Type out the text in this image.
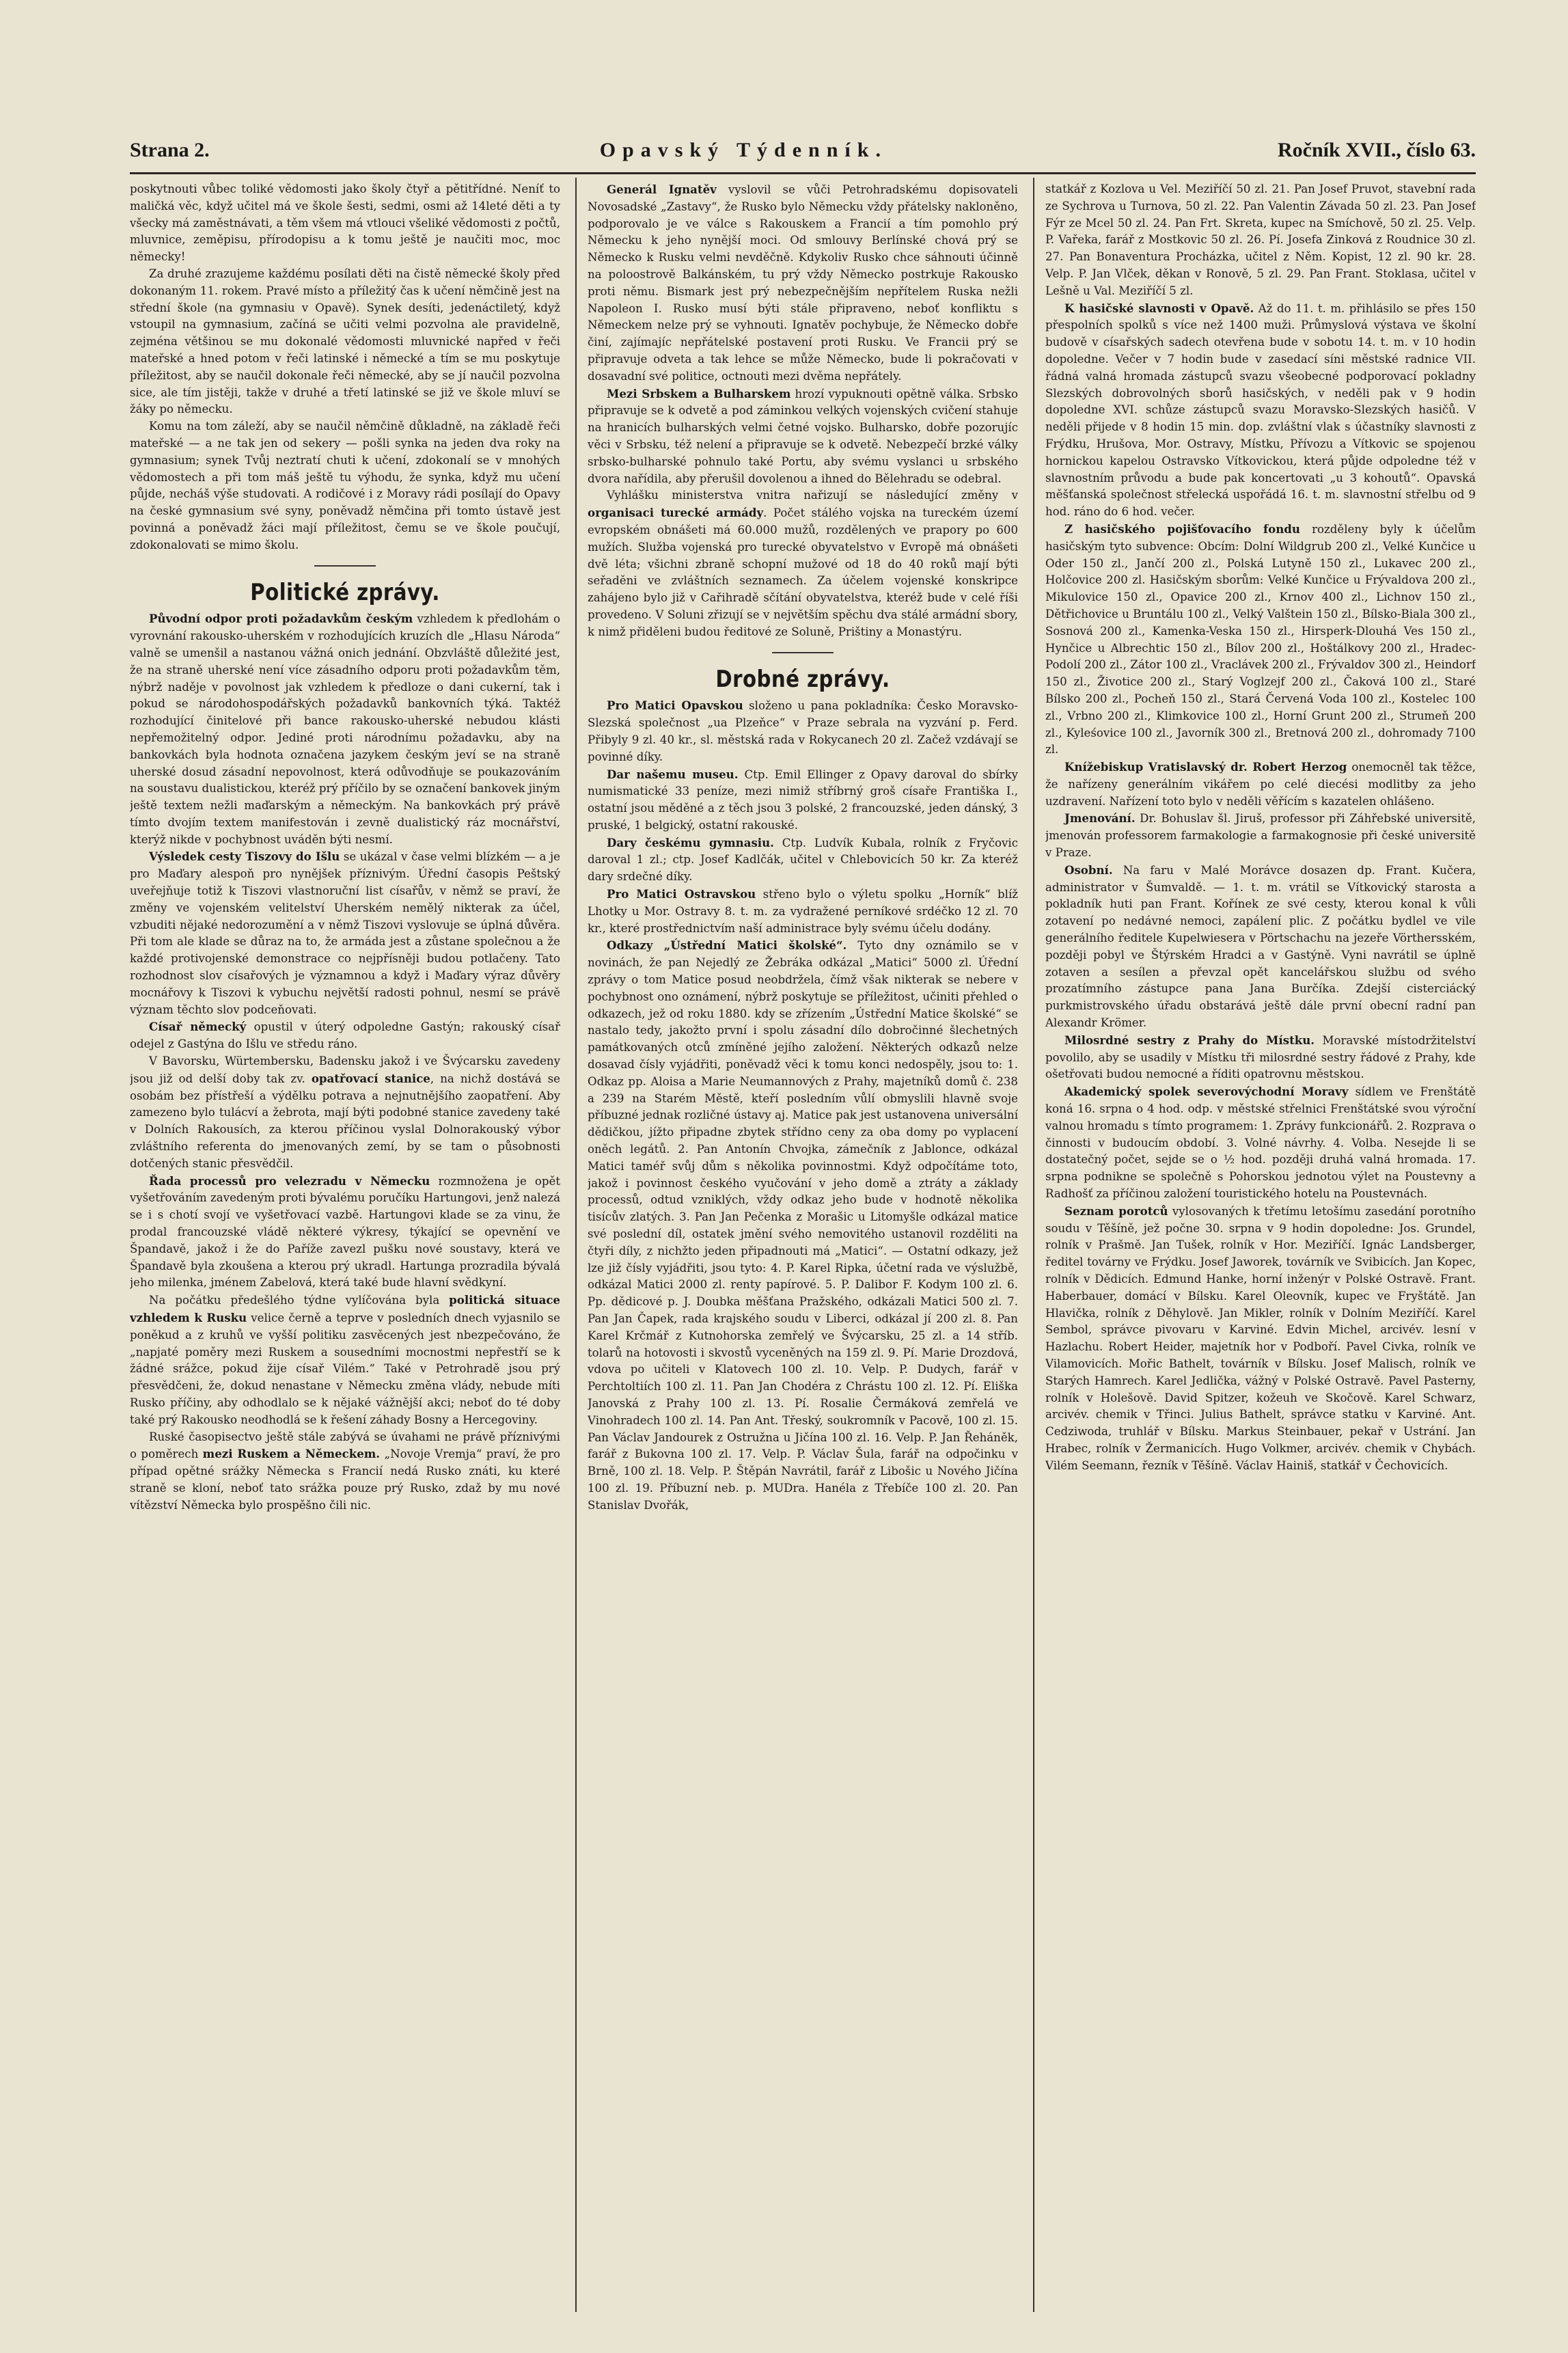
Strana 2.	Opavský Týdenník.	Ročník XVII., číslo 63.

poskytnouti vůbec toliké vědomosti jako školy čtyř a pětitřídné. Neníť to maličká věc, když učitel má ve škole šesti, sedmi, osmi až 14leté děti a ty všecky má zaměstnávati, a těm všem má vtlouci všeliké vědomosti z počtů, mluvnice, zeměpisu, přírodopisu a k tomu ještě je naučiti moc, moc německy!

Za druhé zrazujeme každému posílati děti na čistě německé školy před dokonaným 11. rokem. Pravé místo a příležitý čas k učení němčině jest na střední škole (na gymnasiu v Opavě). Synek desíti, jedenáctiletý, když vstoupil na gymnasium, začíná se učiti velmi pozvolna ale pravidelně, zejména většinou se mu dokonalé vědomosti mluvnické napřed v řeči mateřské a hned potom v řeči latinské i německé a tím se mu poskytuje příležitost, aby se naučil dokonale řeči německé, aby se jí naučil pozvolna sice, ale tím jistěji, takže v druhé a třetí latinské se již ve škole mluví se žáky po německu.

Komu na tom záleží, aby se naučil němčině důkladně, na základě řeči mateřské — a ne tak jen od sekery — pošli synka na jeden dva roky na gymnasium; synek Tvůj neztratí chuti k učení, zdokonalí se v mnohých vědomostech a při tom máš ještě tu výhodu, že synka, když mu učení půjde, necháš výše studovati. A rodičové i z Moravy rádi posílají do Opavy na české gymnasium své syny, poněvadž němčina při tomto ústavě jest povinná a poněvadž žáci mají příležitost, čemu se ve škole poučují, zdokonalovati se mimo školu.

Politické zprávy.

Původní odpor proti požadavkům českým vzhledem k předlohám o vyrovnání rakousko-uherském v rozhodujících kruzích dle „Hlasu Národa“ valně se umenšil a nastanou vážná onich jednání. Obzvláště důležité jest, že na straně uherské není více zásadního odporu proti požadavkům těm, nýbrž naděje v povolnost jak vzhledem k předloze o dani cukerní, tak i pokud se národohospodářských požadavků bankovních týká. Taktéž rozhodující činitelové při bance rakousko-uherské nebudou klásti nepřemožitelný odpor. Jediné proti národnímu požadavku, aby na bankovkách byla hodnota označena jazykem českým jeví se na straně uherské dosud zásadní nepovolnost, která odůvodňuje se poukazováním na soustavu dualistickou, kteréž prý příčilo by se označení bankovek jiným ještě textem nežli maďarským a německým. Na bankovkách prý právě tímto dvojím textem manifestován i zevně dualistický ráz mocnářství, kterýž nikde v pochybnost uváděn býti nesmí.

Výsledek cesty Tiszovy do Išlu se ukázal v čase velmi blízkém — a je pro Maďary alespoň pro nynějšek příznivým. Úřední časopis Peštský uveřejňuje totiž k Tiszovi vlastnoruční list císařův, v němž se praví, že změny ve vojenském velitelství Uherském nemělý nikterak za účel, vzbuditi nějaké nedorozumění a v němž Tiszovi vyslovuje se úplná důvěra. Při tom ale klade se důraz na to, že armáda jest a zůstane společnou a že každé protivojenské demonstrace co nejpřísněji budou potlačeny. Tato rozhodnost slov císařových je významnou a když i Maďary výraz důvěry mocnářovy k Tiszovi k vybuchu největší radosti pohnul, nesmí se právě význam těchto slov podceňovati.

Císař německý opustil v úterý odpoledne Gastýn; rakouský císař odejel z Gastýna do Išlu ve středu ráno.

V Bavorsku, Würtembersku, Badensku jakož i ve Švýcarsku zavedeny jsou již od delší doby tak zv. opatřovací stanice, na nichž dostává se osobám bez přístřeší a výdělku potrava a nejnutnějšího zaopatření. Aby zamezeno bylo tulácví a žebrota, mají býti podobné stanice zavedeny také v Dolních Rakousích, za kterou příčinou vyslal Dolnorakouský výbor zvláštního referenta do jmenovaných zemí, by se tam o působnosti dotčených stanic přesvědčil.

Řada processů pro velezradu v Německu rozmnožena je opět vyšetřováním zavedeným proti bývalému poručíku Hartungovi, jenž nalezá se i s chotí svojí ve vyšetřovací vazbě. Hartungovi klade se za vinu, že prodal francouzské vládě některé výkresy, týkající se opevnění ve Špandavě, jakož i že do Paříže zavezl pušku nové soustavy, která ve Špandavě byla zkoušena a kterou prý ukradl. Hartunga prozradila bývalá jeho milenka, jménem Zabelová, která také bude hlavní svědkyní.

Na počátku předešlého týdne vylíčována byla politická situace vzhledem k Rusku velice černě a teprve v posledních dnech vyjasnilo se poněkud a z kruhů ve vyšší politiku zasvěcených jest nbezpečováno, že „napjaté poměry mezi Ruskem a sousedními mocnostmi nepřestří se k žádné srážce, pokud žije císař Vilém.“ Také v Petrohradě jsou prý přesvědčeni, že, dokud nenastane v Německu změna vlády, nebude míti Rusko příčiny, aby odhodlalo se k nějaké vážnější akci; neboť do té doby také prý Rakousko neodhodlá se k řešení záhady Bosny a Hercegoviny.

Ruské časopisectvo ještě stále zabývá se úvahami ne právě příznivými o poměrech mezi Ruskem a Německem. „Novoje Vremja“ praví, že pro případ opětné srážky Německa s Francií nedá Rusko znáti, ku které straně se kloní, neboť tato srážka pouze prý Rusko, zdaž by mu nové vítězství Německa bylo prospěšno čili nic.

Generál Ignatěv vyslovil se vůči Petrohradskému dopisovateli Novosadské „Zastavy“, že Rusko bylo Německu vždy přátelsky nakloněno, podporovalo je ve válce s Rakouskem a Francií a tím pomohlo prý Německu k jeho nynější moci. Od smlouvy Berlínské chová prý se Německo k Rusku velmi nevděčně. Kdykoliv Rusko chce sáhnouti účinně na poloostrově Balkánském, tu prý vždy Německo postrkuje Rakousko proti němu. Bismark jest prý nebezpečnějším nepřítelem Ruska nežli Napoleon I. Rusko musí býti stále připraveno, neboť konfliktu s Německem nelze prý se vyhnouti. Ignatěv pochybuje, že Německo dobře činí, zajímajíc nepřátelské postavení proti Rusku. Ve Francii prý se připravuje odveta a tak lehce se může Německo, bude li pokračovati v dosavadní své politice, octnouti mezi dvěma nepřátely.

Mezi Srbskem a Bulharskem hrozí vypuknouti opětně válka. Srbsko připravuje se k odvetě a pod záminkou velkých vojenských cvičení stahuje na hranicích bulharských velmi četné vojsko. Bulharsko, dobře pozorujíc věci v Srbsku, též nelení a připravuje se k odvetě. Nebezpečí brzké války srbsko-bulharské pohnulo také Portu, aby svému vyslanci u srbského dvora nařídila, aby přerušil dovolenou a ihned do Bělehradu se odebral.

Vyhlášku ministerstva vnitra nařizují se následující změny v organisaci turecké armády. Počet stálého vojska na tureckém území evropském obnášeti má 60.000 mužů, rozdělených ve prapory po 600 mužích. Služba vojenská pro turecké obyvatelstvo v Evropě má obnášeti dvě léta; všichni zbraně schopní mužové od 18 do 40 roků mají býti seřaděni ve zvláštních seznamech. Za účelem vojenské konskripce zahájeno bylo již v Cařihradě sčítání obyvatelstva, kteréž bude v celé říši provedeno. V Soluni zřizují se v největším spěchu dva stálé armádní sbory, k nimž přiděleni budou ředitové ze Soluně, Prištiny a Monastýru.

Drobné zprávy.

Pro Matici Opavskou složeno u pana pokladníka: Česko Moravsko-Slezská společnost „ua Plzeňce“ v Praze sebrala na vyzvání p. Ferd. Přibyly 9 zl. 40 kr., sl. městská rada v Rokycanech 20 zl. Začež vzdávají se povinné díky.

Dar našemu museu. Ctp. Emil Ellinger z Opavy daroval do sbírky numismatické 33 peníze, mezi nimiž stříbrný groš císaře Františka I., ostatní jsou měděné a z těch jsou 3 polské, 2 francouzské, jeden dánský, 3 pruské, 1 belgický, ostatní rakouské.

Dary českému gymnasiu. Ctp. Ludvík Kubala, rolník z Fryčovic daroval 1 zl.; ctp. Josef Kadlčák, učitel v Chlebovicích 50 kr. Za kteréž dary srdečné díky.

Pro Matici Ostravskou střeno bylo o výletu spolku „Horník“ blíž Lhotky u Mor. Ostravy 8. t. m. za vydražené perníkové srdéčko 12 zl. 70 kr., které prostřednictvím naší administrace byly svému účelu dodány.

Odkazy „Ústřední Matici školské“. Tyto dny oznámilo se v novinách, že pan Nejedlý ze Žebráka odkázal „Matici“ 5000 zl. Úřední zprávy o tom Matice posud neobdržela, čímž však nikterak se nebere v pochybnost ono oznámení, nýbrž poskytuje se příležitost, učiniti přehled o odkazech, jež od roku 1880. kdy se zřízením „Ústřední Matice školské“ se nastalo tedy, jakožto první i spolu zásadní dílo dobročinné šlechetných památkovaných otců zmíněné jejího založení. Některých odkazů nelze dosavad čísly vyjádřiti, poněvadž věci k tomu konci nedospěly, jsou to: 1. Odkaz pp. Aloisa a Marie Neumannových z Prahy, majetníků domů č. 238 a 239 na Starém Městě, kteří posledním vůlí obmyslili hlavně svoje příbuzné jednak rozličné ústavy aj. Matice pak jest ustanovena universální dědičkou, jížto připadne zbytek střídno ceny za oba domy po vyplacení oněch legátů. 2. Pan Antonín Chvojka, zámečník z Jablonce, odkázal Matici taméř svůj dům s několika povinnostmi. Když odpočítáme toto, jakož i povinnost českého vyučování v jeho domě a ztráty a základy processů, odtud vzniklých, vždy odkaz jeho bude v hodnotě několika tisícův zlatých. 3. Pan Jan Pečenka z Morašic u Litomyšle odkázal matice své poslední díl, ostatek jmění svého nemovitého ustanovil rozděliti na čtyři díly, z nichžto jeden připadnouti má „Matici“. — Ostatní odkazy, jež lze již čísly vyjádřiti, jsou tyto: 4. P. Karel Ripka, účetní rada ve výslužbě, odkázal Matici 2000 zl. renty papírové. 5. P. Dalibor F. Kodym 100 zl. 6. Pp. dědicové p. J. Doubka měšťana Pražského, odkázali Matici 500 zl. 7. Pan Jan Čapek, rada krajského soudu v Liberci, odkázal jí 200 zl. 8. Pan Karel Krčmář z Kutnohorska zemřelý ve Švýcarsku, 25 zl. a 14 stříb. tolarů na hotovosti i skvostů vyceněných na 159 zl. 9. Pí. Marie Drozdová, vdova po učiteli v Klatovech 100 zl. 10. Velp. P. Dudych, farář v Perchtoltiích 100 zl. 11. Pan Jan Chodéra z Chrástu 100 zl. 12. Pí. Eliška Janovská z Prahy 100 zl. 13. Pí. Rosalie Čermáková zemřelá ve Vinohradech 100 zl. 14. Pan Ant. Třeský, soukromník v Pacově, 100 zl. 15. Pan Václav Jandourek z Ostružna u Jičína 100 zl. 16. Velp. P. Jan Řeháněk, farář z Bukovna 100 zl. 17. Velp. P. Václav Šula, farář na odpočinku v Brně, 100 zl. 18. Velp. P. Štěpán Navrátil, farář z Libošic u Nového Jičína 100 zl. 19. Příbuzní neb. p. MUDra. Hanéla z Třebíče 100 zl. 20. Pan Stanislav Dvořák,

statkář z Kozlova u Vel. Meziříčí 50 zl. 21. Pan Josef Pruvot, stavební rada ze Sychrova u Turnova, 50 zl. 22. Pan Valentin Závada 50 zl. 23. Pan Josef Fýr ze Mcel 50 zl. 24. Pan Frt. Skreta, kupec na Smíchově, 50 zl. 25. Velp. P. Vařeka, farář z Mostkovic 50 zl. 26. Pí. Josefa Zinková z Roudnice 30 zl. 27. Pan Bonaventura Procházka, učitel z Něm. Kopist, 12 zl. 90 kr. 28. Velp. P. Jan Vlček, děkan v Ronově, 5 zl. 29. Pan Frant. Stoklasa, učitel v Lešně u Val. Meziříčí 5 zl.

K hasičské slavnosti v Opavě. Až do 11. t. m. přihlásilo se přes 150 přespolních spolků s více než 1400 muži. Průmyslová výstava ve školní budově v císařských sadech otevřena bude v sobotu 14. t. m. v 10 hodin dopoledne. Večer v 7 hodin bude v zasedací síni městské radnice VII. řádná valná hromada zástupců svazu všeobecné podporovací pokladny Slezských dobrovolných sborů hasičských, v neděli pak v 9 hodin dopoledne XVI. schůze zástupců svazu Moravsko-Slezských hasičů. V neděli přijede v 8 hodin 15 min. dop. zvláštní vlak s účastníky slavnosti z Frýdku, Hrušova, Mor. Ostravy, Místku, Přívozu a Vítkovic se spojenou hornickou kapelou Ostravsko Vítkovickou, která půjde odpoledne též v slavnostním průvodu a bude pak koncertovati „u 3 kohoutů“. Opavská měšťanská společnost střelecká uspořádá 16. t. m. slavnostní střelbu od 9 hod. ráno do 6 hod. večer.

Z hasičského pojišťovacího fondu rozděleny byly k účelům hasičským tyto subvence: Obcím: Dolní Wildgrub 200 zl., Velké Kunčice u Oder 150 zl., Jančí 200 zl., Polská Lutyně 150 zl., Lukavec 200 zl., Holčovice 200 zl. Hasičským sborům: Velké Kunčice u Frývaldova 200 zl., Mikulovice 150 zl., Opavice 200 zl., Krnov 400 zl., Lichnov 150 zl., Dětřichovice u Bruntálu 100 zl., Velký Valštein 150 zl., Bílsko-Biala 300 zl., Sosnová 200 zl., Kamenka-Veska 150 zl., Hirsperk-Dlouhá Ves 150 zl., Hynčice u Albrechtic 150 zl., Bílov 200 zl., Hoštálkovy 200 zl., Hradec-Podolí 200 zl., Zátor 100 zl., Vraclávek 200 zl., Frývaldov 300 zl., Heindorf 150 zl., Životice 200 zl., Starý Voglzejf 200 zl., Čaková 100 zl., Staré Bílsko 200 zl., Pocheň 150 zl., Stará Červená Voda 100 zl., Kostelec 100 zl., Vrbno 200 zl., Klimkovice 100 zl., Horní Grunt 200 zl., Strumeň 200 zl., Kyleśovice 100 zl., Javorník 300 zl., Bretnová 200 zl., dohromady 7100 zl.

Knížebiskup Vratislavský dr. Robert Herzog onemocněl tak těžce, že nařízeny generálním vikářem po celé diecési modlitby za jeho uzdravení. Nařízení toto bylo v neděli věřícím s kazatelen ohlášeno.

Jmenování. Dr. Bohuslav šl. Jiruš, professor při Záhřebské universitě, jmenován professorem farmakologie a farmakognosie při české universitě v Praze.

Osobní. Na faru v Malé Morávce dosazen dp. Frant. Kučera, administrator v Šumvaldě. — 1. t. m. vrátil se Vítkovický starosta a pokladník huti pan Frant. Kořínek ze své cesty, kterou konal k vůli zotavení po nedávné nemoci, zapálení plic. Z počátku bydlel ve vile generálního ředitele Kupelwiesera v Pörtschachu na jezeře Vörthersském, později pobyl ve Štýrském Hradci a v Gastýně. Vyni navrátil se úplně zotaven a sesílen a převzal opět kancelářskou službu od svého prozatímního zástupce pana Jana Burčíka. Zdejší cisterciácký purkmistrovského úřadu obstarává ještě dále první obecní radní pan Alexandr Krömer.

Milosrdné sestry z Prahy do Místku. Moravské místodržitelství povolilo, aby se usadily v Místku tři milosrdné sestry řádové z Prahy, kde ošetřovati budou nemocné a říditi opatrovnu městskou.

Akademický spolek severovýchodní Moravy sídlem ve Frenštátě koná 16. srpna o 4 hod. odp. v městské střelnici Frenštátské svou výroční valnou hromadu s tímto programem: 1. Zprávy funkcionářů. 2. Rozprava o činnosti v budoucím období. 3. Volné návrhy. 4. Volba. Nesejde li se dostatečný počet, sejde se o ½ hod. později druhá valná hromada. 17. srpna podnikne se společně s Pohorskou jednotou výlet na Poustevny a Radhošť za příčinou založení touristického hotelu na Poustevnách.

Seznam porotců vylosovaných k třetímu letošímu zasedání porotního soudu v Těšíně, jež počne 30. srpna v 9 hodin dopoledne: Jos. Grundel, rolník v Prašmě. Jan Tušek, rolník v Hor. Meziříčí. Ignác Landsberger, ředitel továrny ve Frýdku. Josef Jaworek, továrník ve Svibicích. Jan Kopec, rolník v Dědicích. Edmund Hanke, horní inženýr v Polské Ostravě. Frant. Haberbauer, domácí v Bílsku. Karel Oleovník, kupec ve Fryštátě. Jan Hlavička, rolník z Děhylově. Jan Mikler, rolník v Dolním Meziříčí. Karel Sembol, správce pivovaru v Karviné. Edvin Michel, arcivév. lesní v Hazlachu. Robert Heider, majetník hor v Podboří. Pavel Civka, rolník ve Vilamovicích. Mořic Bathelt, továrník v Bílsku. Josef Malisch, rolník ve Starých Hamrech. Karel Jedlička, vážný v Polské Ostravě. Pavel Pasterny, rolník v Holešově. David Spitzer, kožeuh ve Skočově. Karel Schwarz, arcivév. chemik v Třinci. Julius Bathelt, správce statku v Karviné. Ant. Cedziwoda, truhlář v Bílsku. Markus Steinbauer, pekař v Ustrání. Jan Hrabec, rolník v Žermanicích. Hugo Volkmer, arcivév. chemik v Chybách. Vilém Seemann, řezník v Těšíně. Václav Hainiš, statkář v Čechovicích.
